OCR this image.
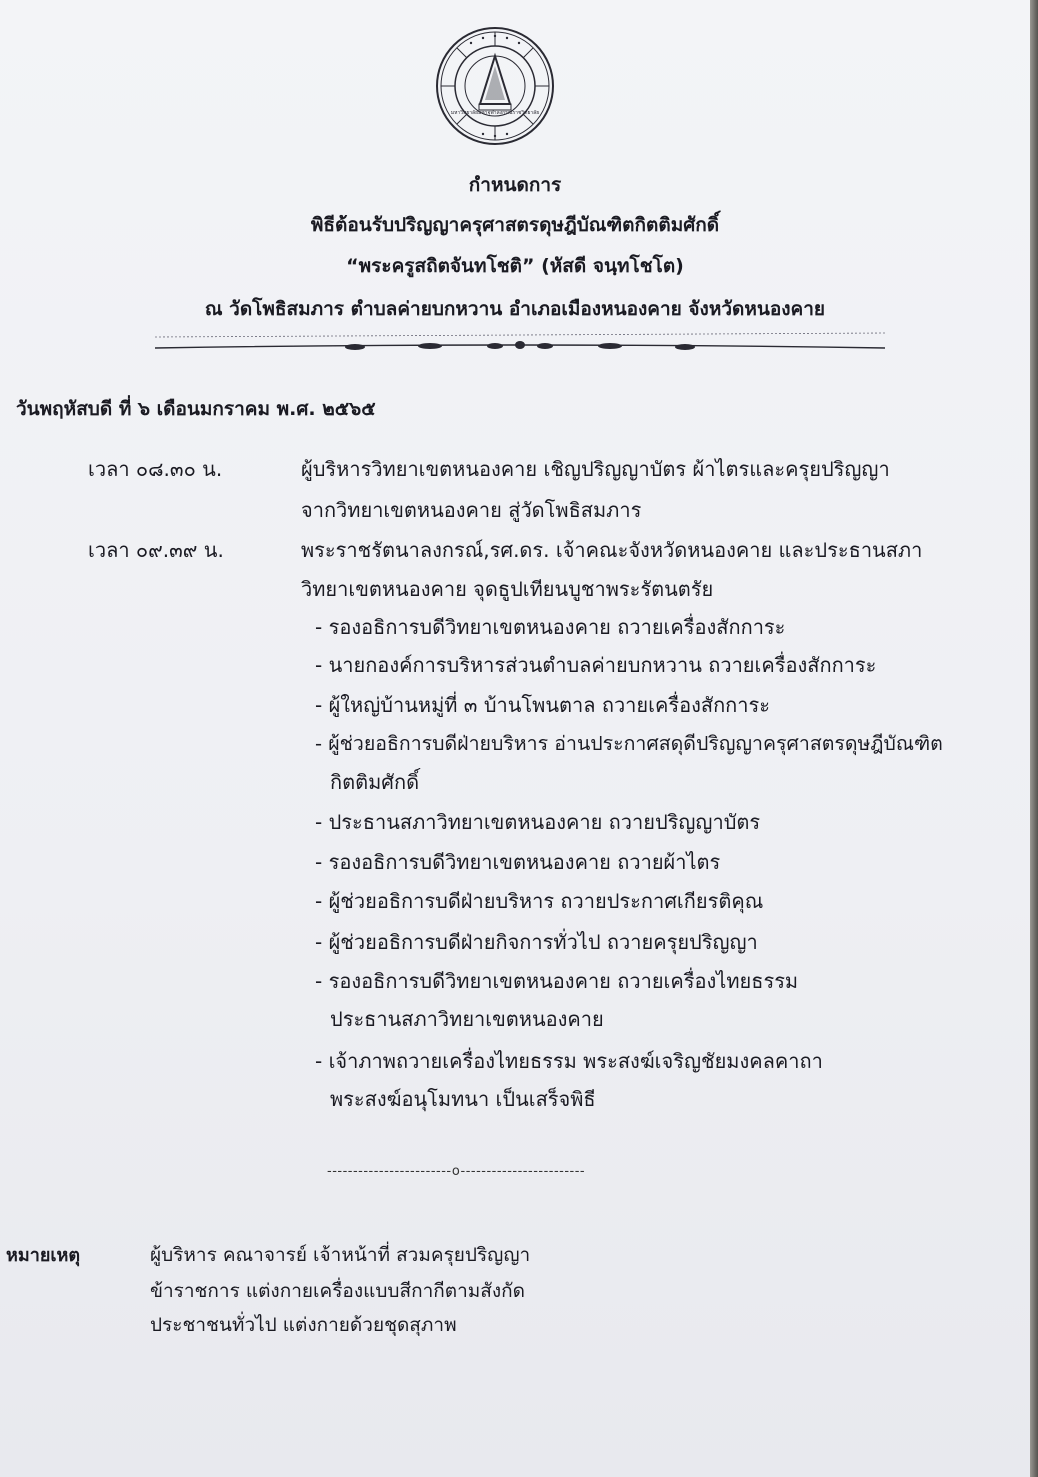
มหาวิทยาลัยมหาจุฬาลงกรณราชวิทยาลัย
กำหนดการ
พิธีต้อนรับปริญญาครุศาสตรดุษฎีบัณฑิตกิตติมศักดิ์
“พระครูสถิตจันทโชติ” (หัสดี จนฺทโชโต)
ณ วัดโพธิสมภาร ตำบลค่ายบกหวาน อำเภอเมืองหนองคาย จังหวัดหนองคาย
วันพฤหัสบดี ที่ ๖ เดือนมกราคม พ.ศ. ๒๕๖๕
เวลา ๐๘.๓๐ น.	ผู้บริหารวิทยาเขตหนองคาย เชิญปริญญาบัตร ผ้าไตรและครุยปริญญา
จากวิทยาเขตหนองคาย สู่วัดโพธิสมภาร
เวลา ๐๙.๓๙ น.	พระราชรัตนาลงกรณ์,รศ.ดร. เจ้าคณะจังหวัดหนองคาย และประธานสภา
วิทยาเขตหนองคาย จุดธูปเทียนบูชาพระรัตนตรัย
- รองอธิการบดีวิทยาเขตหนองคาย ถวายเครื่องสักการะ
- นายกองค์การบริหารส่วนตำบลค่ายบกหวาน ถวายเครื่องสักการะ
- ผู้ใหญ่บ้านหมู่ที่ ๓ บ้านโพนตาล ถวายเครื่องสักการะ
- ผู้ช่วยอธิการบดีฝ่ายบริหาร อ่านประกาศสดุดีปริญญาครุศาสตรดุษฎีบัณฑิต
กิตติมศักดิ์
- ประธานสภาวิทยาเขตหนองคาย ถวายปริญญาบัตร
- รองอธิการบดีวิทยาเขตหนองคาย ถวายผ้าไตร
- ผู้ช่วยอธิการบดีฝ่ายบริหาร ถวายประกาศเกียรติคุณ
- ผู้ช่วยอธิการบดีฝ่ายกิจการทั่วไป ถวายครุยปริญญา
- รองอธิการบดีวิทยาเขตหนองคาย ถวายเครื่องไทยธรรม
ประธานสภาวิทยาเขตหนองคาย
- เจ้าภาพถวายเครื่องไทยธรรม พระสงฆ์เจริญชัยมงคลคาถา
พระสงฆ์อนุโมทนา เป็นเสร็จพิธี
------------------------o------------------------
หมายเหตุ	ผู้บริหาร คณาจารย์ เจ้าหน้าที่ สวมครุยปริญญา
ข้าราชการ แต่งกายเครื่องแบบสีกากีตามสังกัด
ประชาชนทั่วไป แต่งกายด้วยชุดสุภาพ
